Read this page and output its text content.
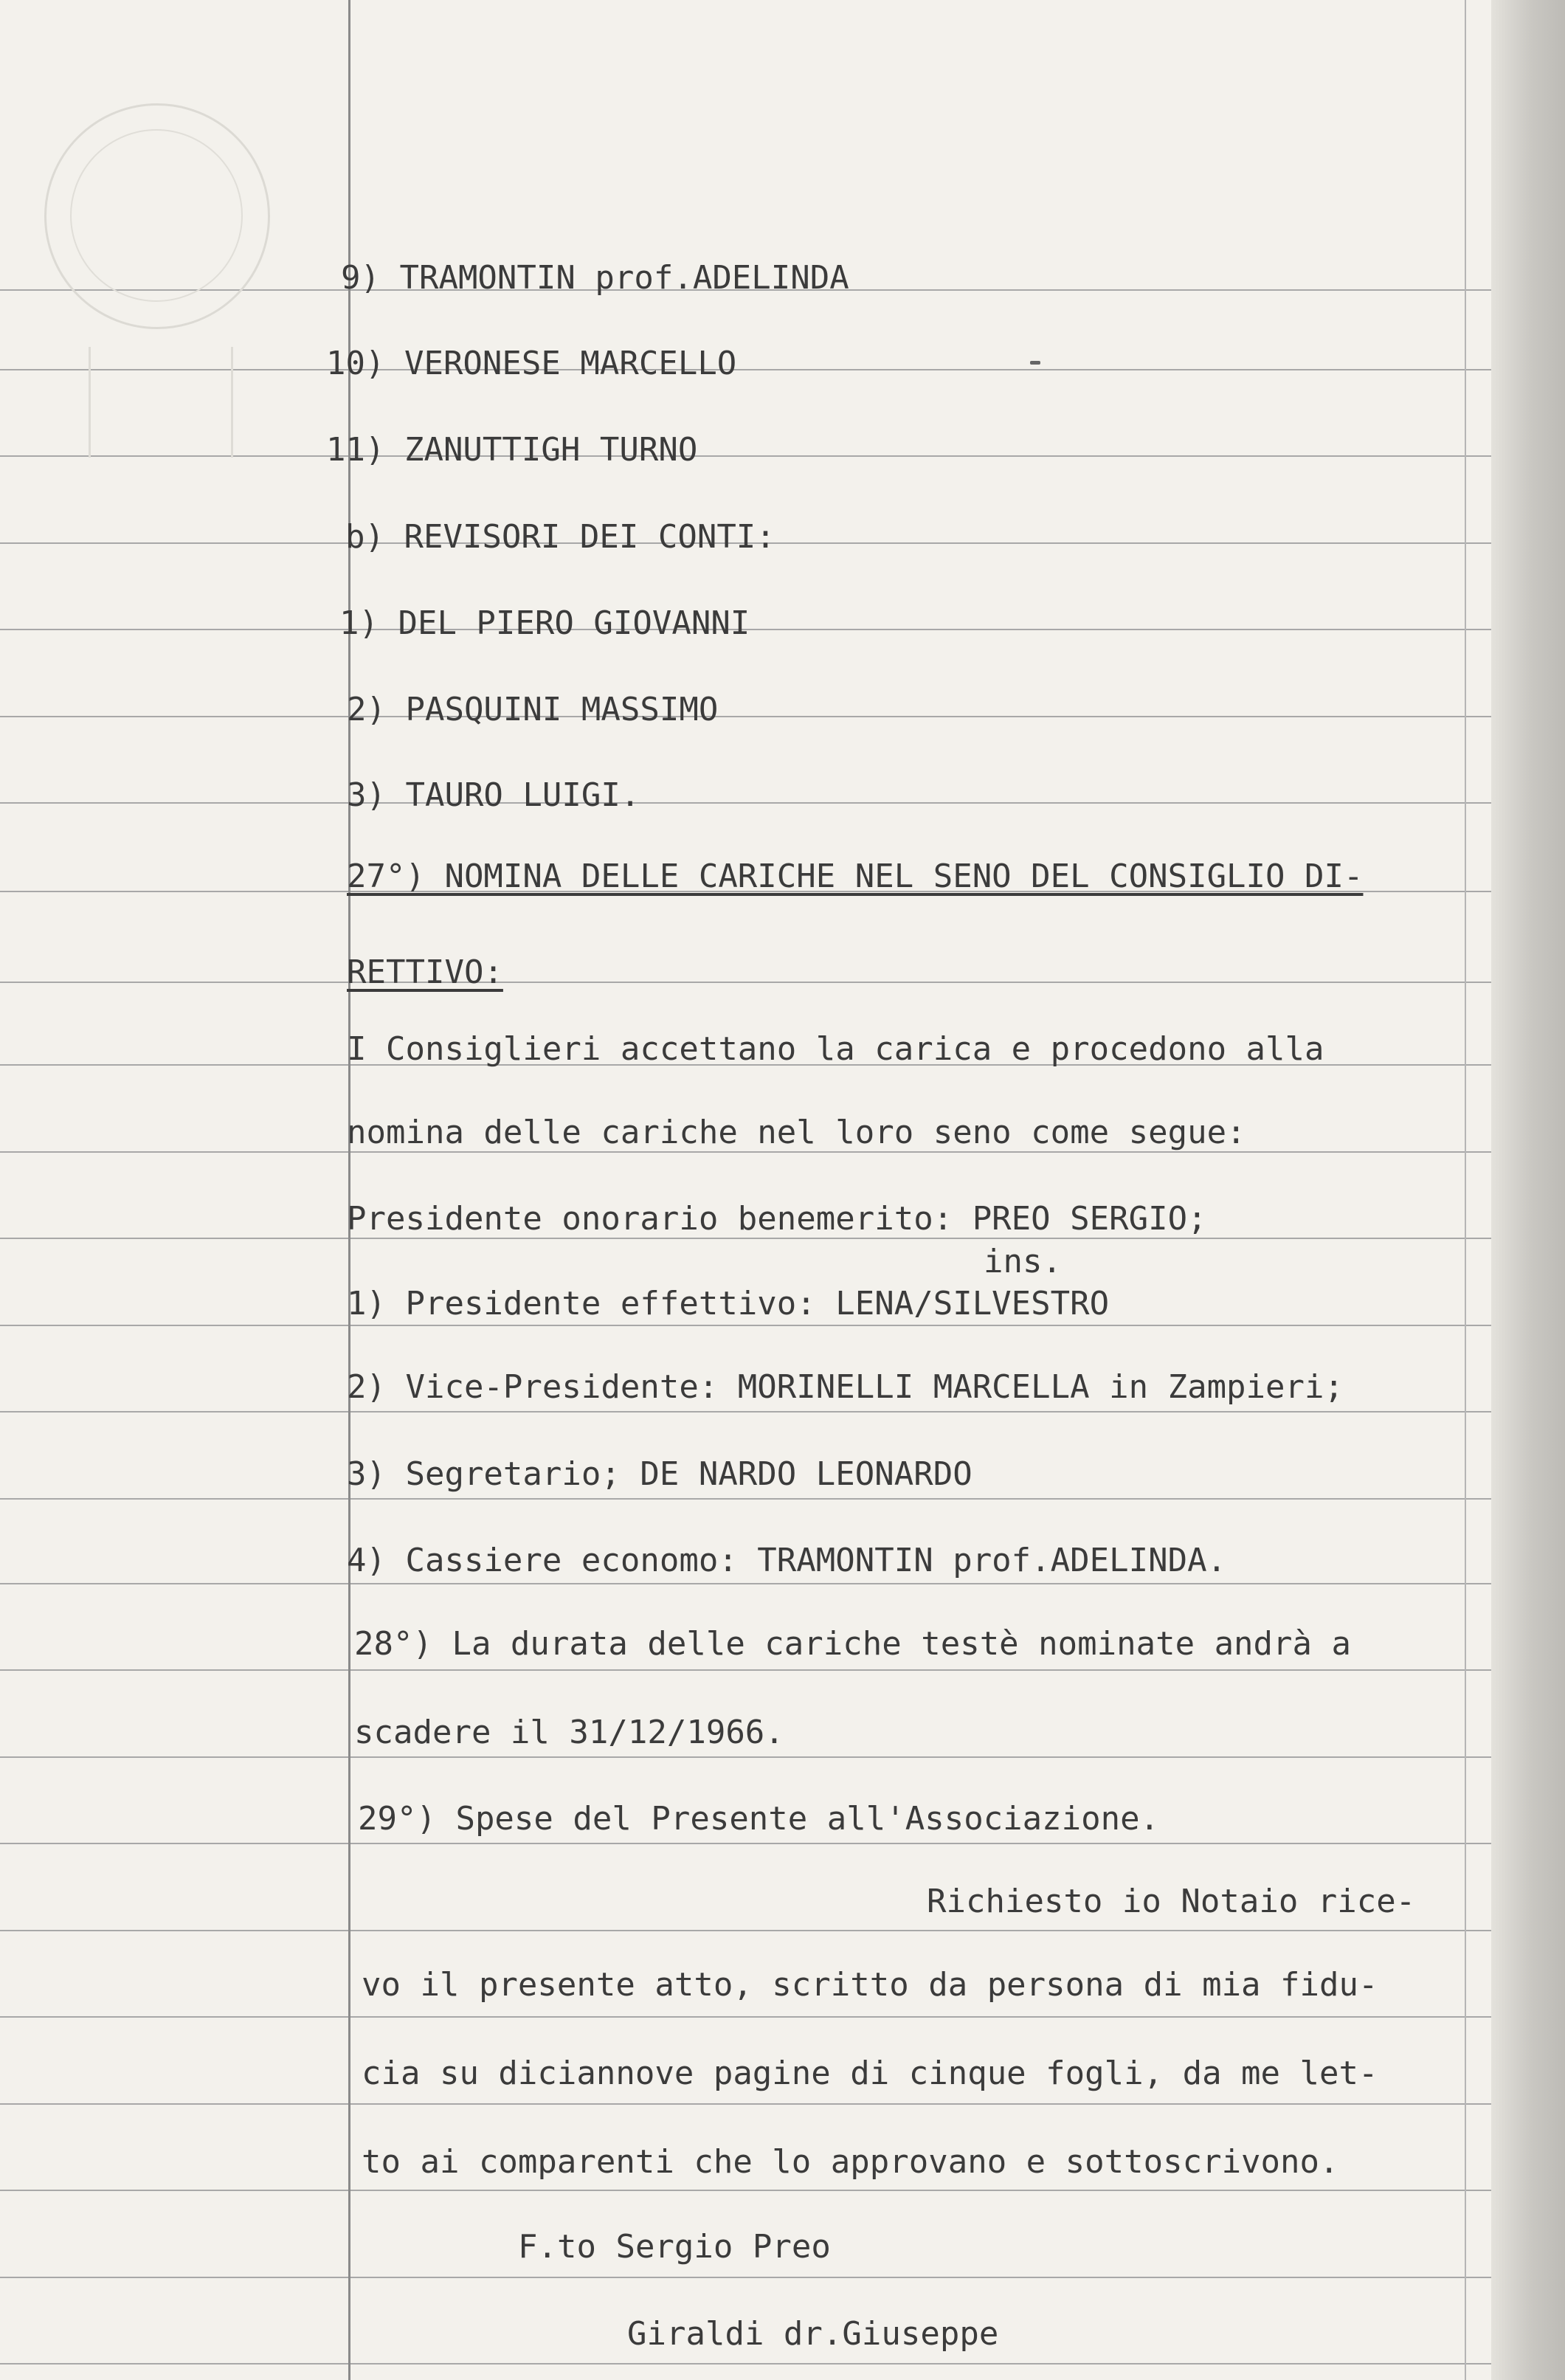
9) TRAMONTIN prof.ADELINDA
10) VERONESE MARCELLO
11) ZANUTTIGH TURNO
b) REVISORI DEI CONTI:
1) DEL PIERO GIOVANNI
2) PASQUINI MASSIMO
3) TAURO LUIGI.
27°) NOMINA DELLE CARICHE NEL SENO DEL CONSIGLIO DI-
RETTIVO:
I Consiglieri accettano la carica e procedono alla
nomina delle cariche nel loro seno come segue:
Presidente onorario benemerito: PREO SERGIO;
ins.
1) Presidente effettivo: LENA/SILVESTRO
2) Vice-Presidente: MORINELLI MARCELLA in Zampieri;
3) Segretario; DE NARDO LEONARDO
4) Cassiere economo: TRAMONTIN prof.ADELINDA.
28°) La durata delle cariche testè nominate andrà a
scadere il 31/12/1966.
29°) Spese del Presente all'Associazione.
Richiesto io Notaio rice-
vo il presente atto, scritto da persona di mia fidu-
cia su diciannove pagine di cinque fogli, da me let-
to ai comparenti che lo approvano e sottoscrivono.
F.to Sergio Preo
Giraldi dr.Giuseppe
